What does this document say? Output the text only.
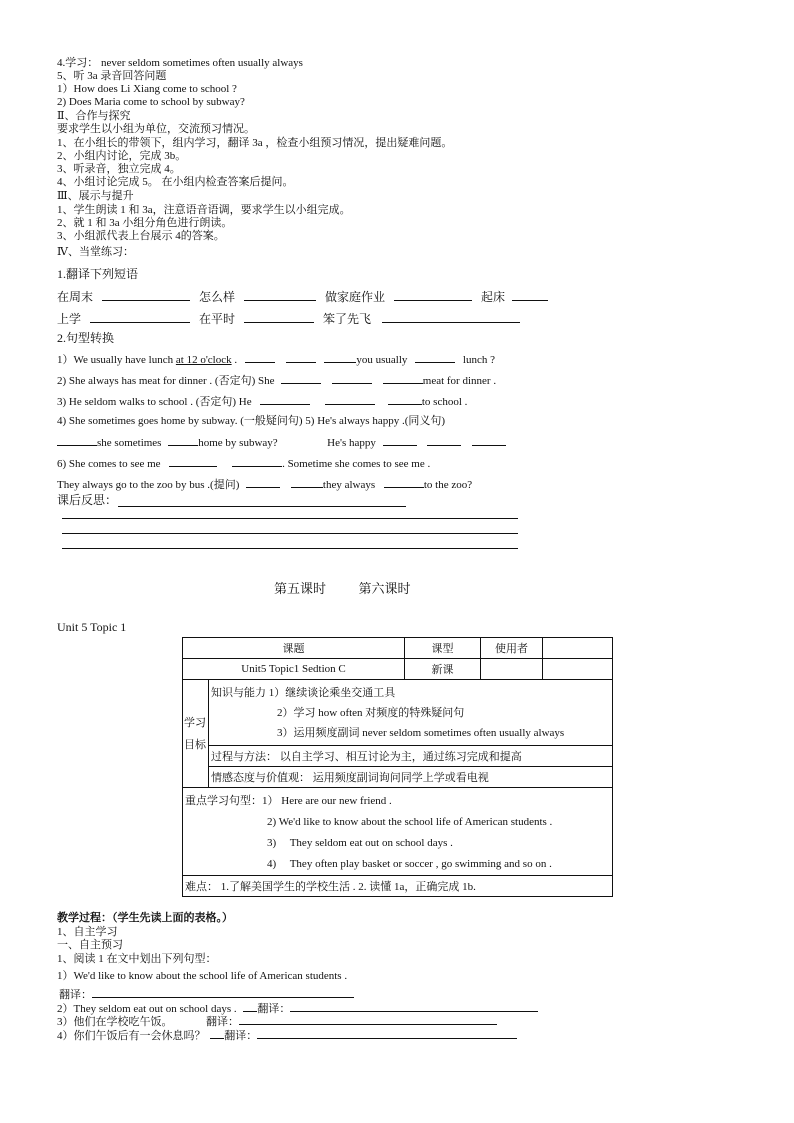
4.学习： never seldom sometimes often usually always
5、听 3a 录音回答问题
1）How does Li Xiang come to school ?
2) Does Maria come to school by subway?
Ⅱ、合作与探究
要求学生以小组为单位，交流预习情况。
1、在小组长的带领下，组内学习，翻译 3a ，检查小组预习情况，提出疑难问题。
2、小组内讨论，完成 3b。
3、听录音，独立完成 4。
4、小组讨论完成 5。 在小组内检查答案后提问。
Ⅲ、展示与提升
1、学生朗读 1 和 3a，注意语音语调，要求学生以小组完成。
2、就 1 和 3a 小组分角色进行朗读。
3、小组派代表上台展示 4的答案。
Ⅳ、当堂练习：
1.翻译下列短语
在周末	怎么样	做家庭作业	起床
上学	在平时	笨了先飞
2.句型转换
1）We usually have lunch at 12 o'clock .	you usually	lunch ?
2) She always has meat for dinner . (否定句) She	meat for dinner .
3) He seldom walks to school . (否定句) He	to school .
4) She sometimes goes home by subway. (一般疑问句) 5) He's always happy .(同义句)
she sometimes	home by subway?	He's happy
6) She comes to see me	. Sometime she comes to see me .
They always go to the zoo by bus .(提问)	they always	to the zoo?
课后反思：
第五课时          第六课时
Unit 5 Topic 1
课题		课型	使用者	
Unit5 Topic1 Sedtion C		新课		
学习目标	知识与能力 1）继续谈论乘坐交通工具
2）学习 how often 对频度的特殊疑问句
3）运用频度副词 never seldom sometimes often usually always			

	过程与方法： 以自主学习、相互讨论为主，通过练习完成和提高			
	情感态度与价值观： 运用频度副词询问同学上学或看电视			

重点学习句型：1） Here are our new friend .
2) We'd like to know about the school life of American students .
3)     They seldom eat out on school days .
4)     They often play basket or soccer , go swimming and so on .				

难点： 1.了解美国学生的学校生活 . 2. 读懂 1a，正确完成 1b.				
教学过程：（学生先读上面的表格。）
1、自主学习
一、自主预习
1、阅读 1 在文中划出下列句型：
1）We'd like to know about the school life of American students .
翻译：
2）They seldom eat out on school days . 翻译：
3）他们在学校吃午饭。	翻译：
4）你们午饭后有一会休息吗？ 翻译：
